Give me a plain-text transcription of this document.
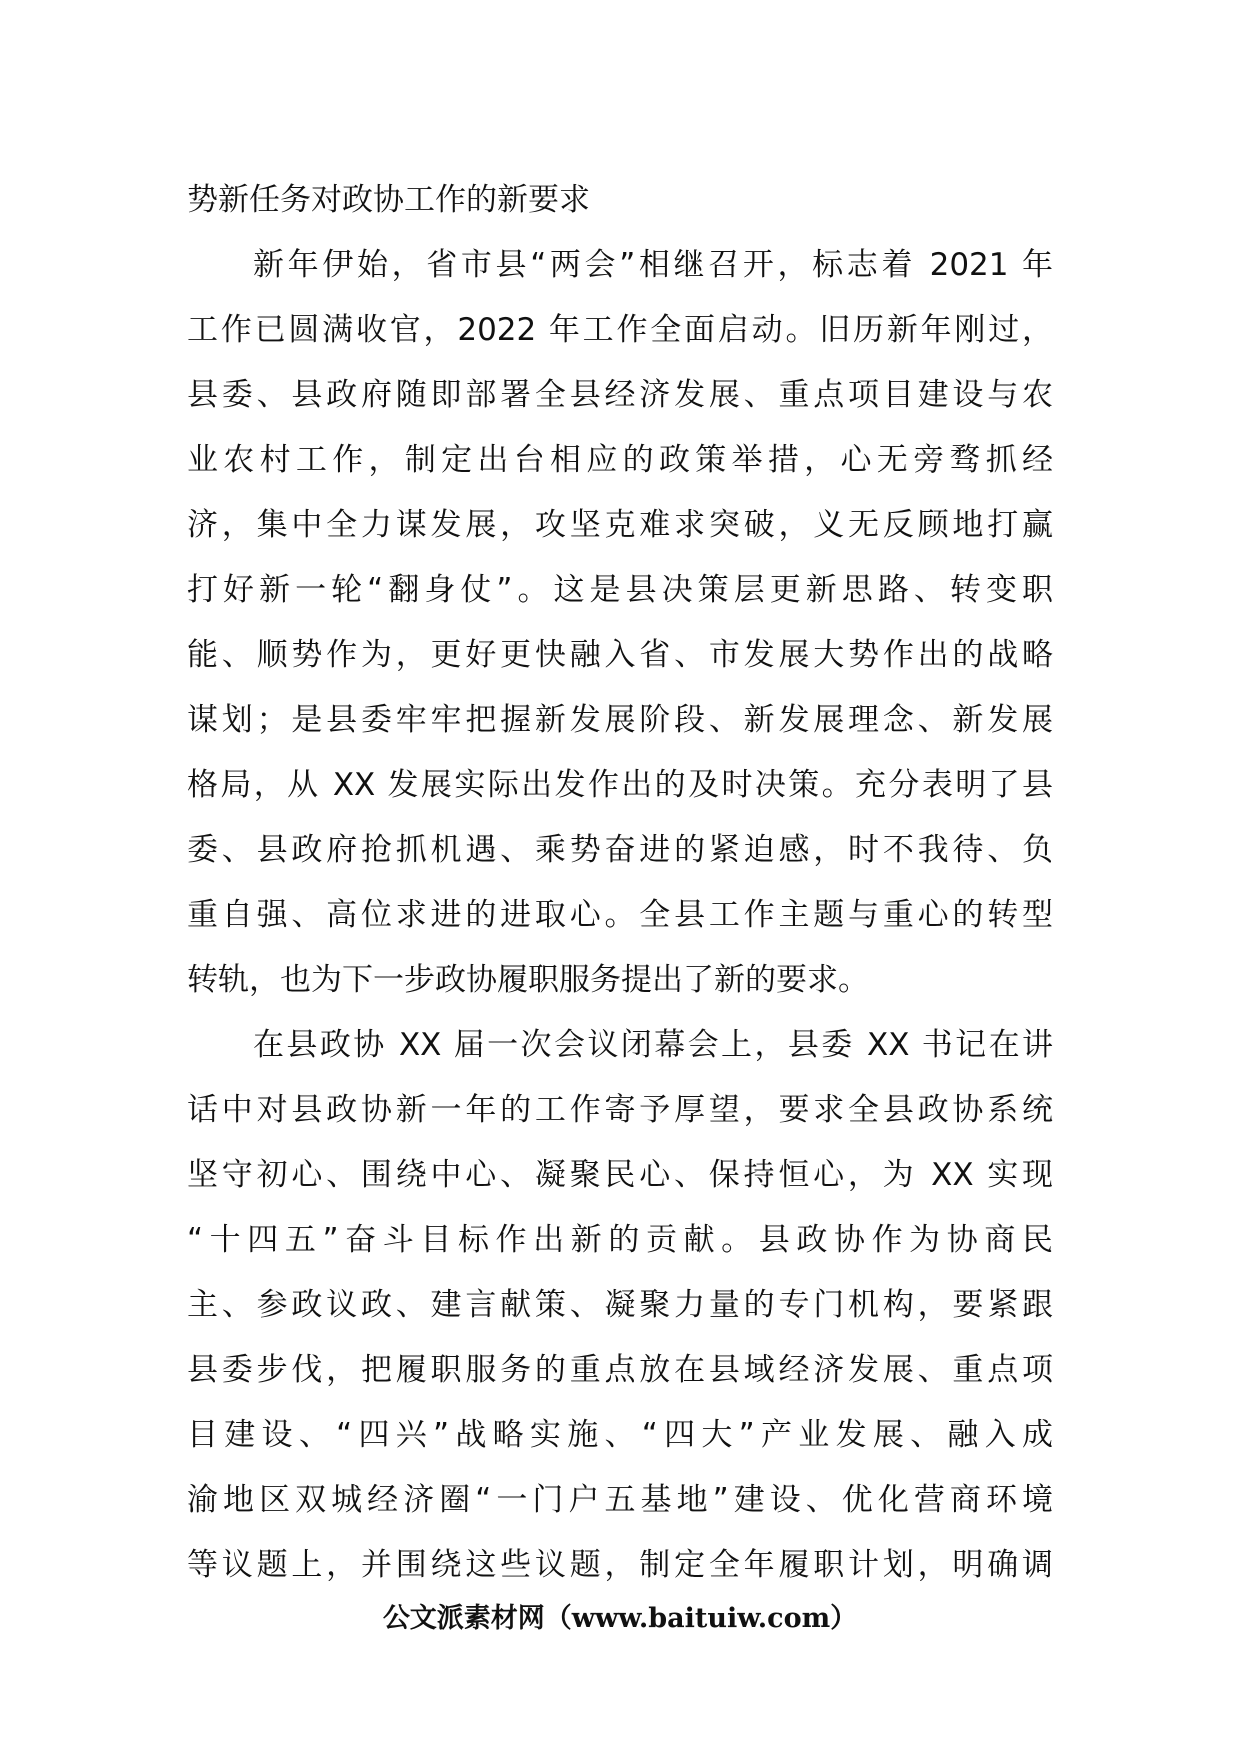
势新任务对政协工作的新要求
新年伊始，省市县“两会”相继召开，标志着 2021 年
工作已圆满收官，2022 年工作全面启动。旧历新年刚过，
县委、县政府随即部署全县经济发展、重点项目建设与农
业农村工作，制定出台相应的政策举措，心无旁骛抓经
济，集中全力谋发展，攻坚克难求突破，义无反顾地打赢
打好新一轮“翻身仗”。这是县决策层更新思路、转变职
能、顺势作为，更好更快融入省、市发展大势作出的战略
谋划；是县委牢牢把握新发展阶段、新发展理念、新发展
格局，从 XX 发展实际出发作出的及时决策。充分表明了县
委、县政府抢抓机遇、乘势奋进的紧迫感，时不我待、负
重自强、高位求进的进取心。全县工作主题与重心的转型
转轨，也为下一步政协履职服务提出了新的要求。
在县政协 XX 届一次会议闭幕会上，县委 XX 书记在讲
话中对县政协新一年的工作寄予厚望，要求全县政协系统
坚守初心、围绕中心、凝聚民心、保持恒心，为 XX 实现
“十四五”奋斗目标作出新的贡献。县政协作为协商民
主、参政议政、建言献策、凝聚力量的专门机构，要紧跟
县委步伐，把履职服务的重点放在县域经济发展、重点项
目建设、“四兴”战略实施、“四大”产业发展、融入成
渝地区双城经济圈“一门户五基地”建设、优化营商环境
等议题上，并围绕这些议题，制定全年履职计划，明确调
公文派素材网（www.baituiw.com）
